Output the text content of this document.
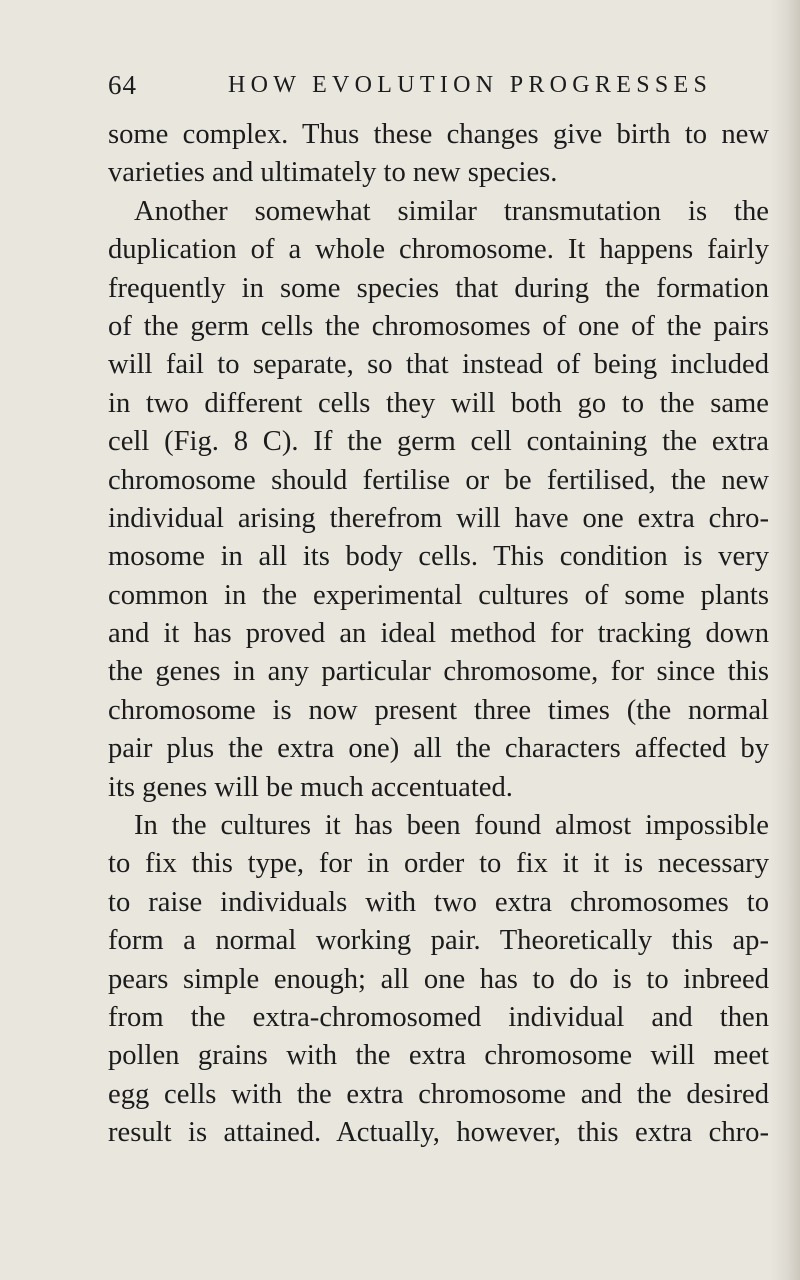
64	HOW EVOLUTION PROGRESSES
some complex. Thus these changes give birth to new
varieties and ultimately to new species.
Another somewhat similar transmutation is the
duplication of a whole chromosome. It happens fairly
frequently in some species that during the formation
of the germ cells the chromosomes of one of the pairs
will fail to separate, so that instead of being included
in two different cells they will both go to the same
cell (Fig. 8 C). If the germ cell containing the extra
chromosome should fertilise or be fertilised, the new
individual arising therefrom will have one extra chro-
mosome in all its body cells. This condition is very
common in the experimental cultures of some plants
and it has proved an ideal method for tracking down
the genes in any particular chromosome, for since this
chromosome is now present three times (the normal
pair plus the extra one) all the characters affected by
its genes will be much accentuated.
In the cultures it has been found almost impossible
to fix this type, for in order to fix it it is necessary
to raise individuals with two extra chromosomes to
form a normal working pair. Theoretically this ap-
pears simple enough; all one has to do is to inbreed
from the extra-chromosomed individual and then
pollen grains with the extra chromosome will meet
egg cells with the extra chromosome and the desired
result is attained. Actually, however, this extra chro-
